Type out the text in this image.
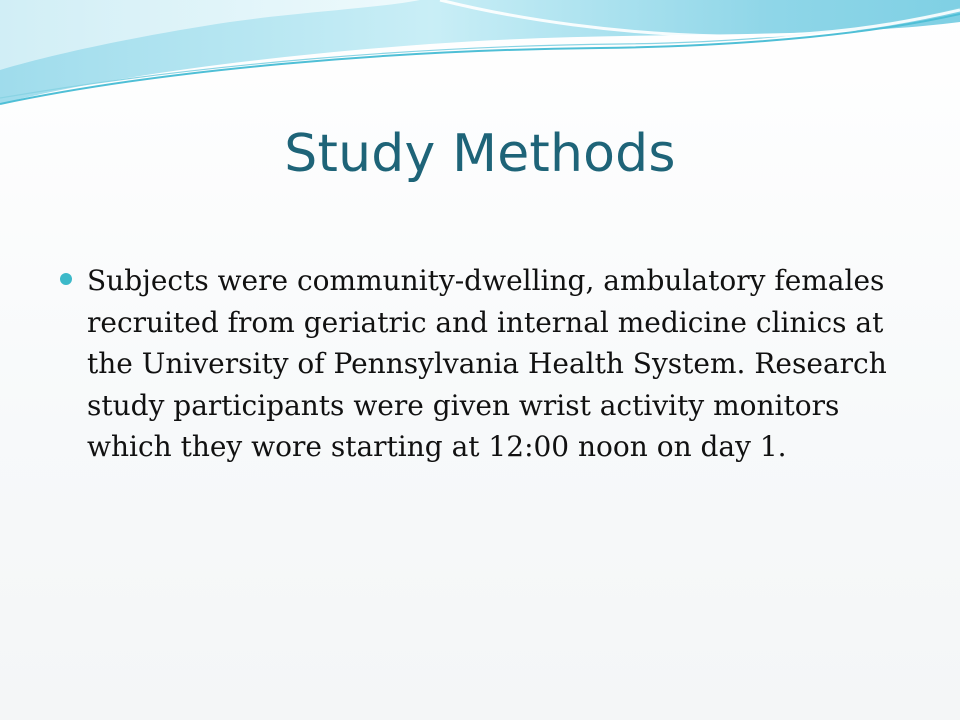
Study Methods
Subjects were community-dwelling, ambulatory females recruited from geriatric and internal medicine clinics at the University of Pennsylvania Health System. Research study participants were given wrist activity monitors which they wore starting at 12:00 noon on day 1.
